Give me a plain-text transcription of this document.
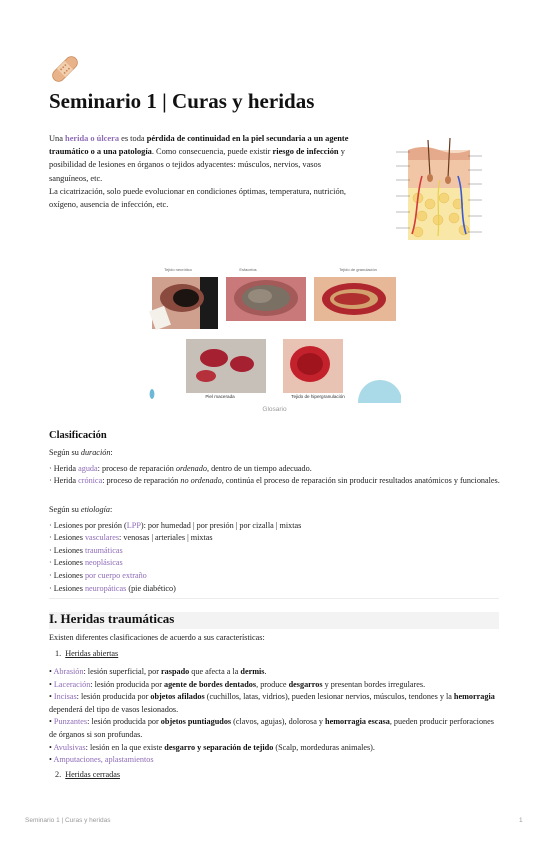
Seminario 1 | Curas y heridas

Una herida o úlcera es toda pérdida de continuidad en la piel secundaria a un agente traumático o a una patología. Como consecuencia, puede existir riesgo de infección y posibilidad de lesiones en órganos o tejidos adyacentes: músculos, nervios, vasos sanguíneos, etc.

La cicatrización, solo puede evolucionar en condiciones óptimas, temperatura, nutrición, oxígeno, ausencia de infección, etc.

Tejido necrótico	Esfacelos	Tejido de granulación
Piel macerada	Tejido de hipergranulación
Glosario
Clasificación

Según su duración:

· Herida aguda: proceso de reparación ordenado, dentro de un tiempo adecuado.

· Herida crónica: proceso de reparación no ordenado, continúa el proceso de reparación sin producir resultados anatómicos y funcionales.

Según su etiología:

· Lesiones por presión (LPP): por humedad | por presión | por cizalla | mixtas

· Lesiones vasculares: venosas | arteriales | mixtas

· Lesiones traumáticas

· Lesiones neoplásicas

· Lesiones por cuerpo extraño

· Lesiones neuropáticas (pie diabético)

I. Heridas traumáticas

Existen diferentes clasificaciones de acuerdo a sus características:

1. Heridas abiertas

• Abrasión: lesión superficial, por raspado que afecta a la dermis.

• Laceración: lesión producida por agente de bordes dentados, produce desgarros y presentan bordes irregulares.

• Incisas: lesión producida por objetos afilados (cuchillos, latas, vidrios), pueden lesionar nervios, músculos, tendones y la hemorragia dependerá del tipo de vasos lesionados.

• Punzantes: lesión producida por objetos puntiagudos (clavos, agujas), dolorosa y hemorragia escasa, pueden producir perforaciones de órganos si son profundas.

• Avulsivas: lesión en la que existe desgarro y separación de tejido (Scalp, mordeduras animales).

• Amputaciones, aplastamientos

2. Heridas cerradas

Seminario 1 | Curas y heridas	1
